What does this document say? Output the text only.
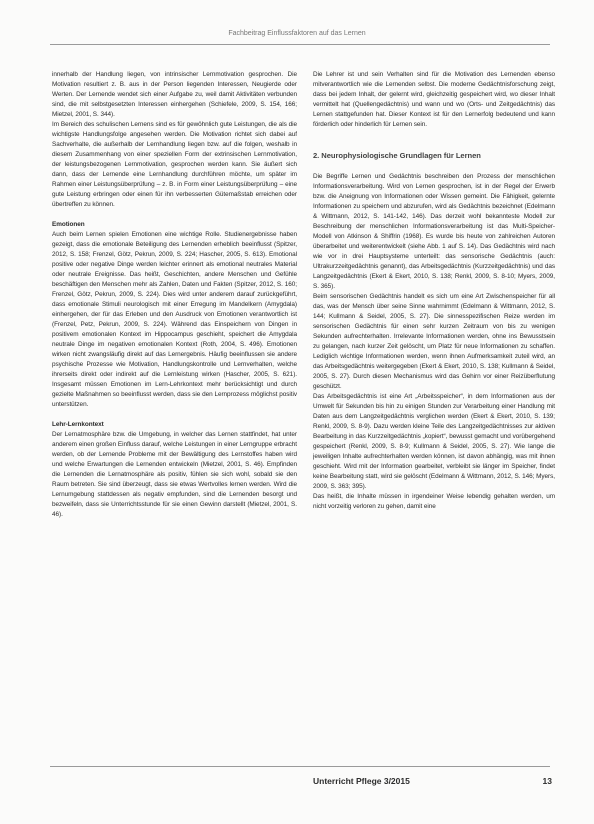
Fachbeitrag Einflussfaktoren auf das Lernen

innerhalb der Handlung liegen, von intrinsischer Lernmotivation gesprochen. Die Motivation resultiert z. B. aus in der Person liegenden Interessen, Neugierde oder Werten. Der Lernende wendet sich einer Aufgabe zu, weil damit Aktivitäten verbunden sind, die mit selbstgesetzten Interessen einhergehen (Schiefele, 2009, S. 154, 166; Mietzel, 2001, S. 344).

Im Bereich des schulischen Lernens sind es für gewöhnlich gute Leistungen, die als die wichtigste Handlungsfolge angesehen werden. Die Motivation richtet sich dabei auf Sachverhalte, die außerhalb der Lernhandlung liegen bzw. auf die folgen, weshalb in diesem Zusammenhang von einer speziellen Form der extrinsischen Lernmotivation, der leistungsbezogenen Lernmotivation, gesprochen werden kann. Sie äußert sich dann, dass der Lernende eine Lernhandlung durchführen möchte, um später im Rahmen einer Leistungsüberprüfung – z. B. in Form einer Leistungsüberprüfung – eine gute Leistung erbringen oder einen für ihn verbesserten Gütemaßstab erreichen oder übertreffen zu können.

Emotionen

Auch beim Lernen spielen Emotionen eine wichtige Rolle. Studienergebnisse haben gezeigt, dass die emotionale Beteiligung des Lernenden erheblich beeinflusst (Spitzer, 2012, S. 158; Frenzel, Götz, Pekrun, 2009, S. 224; Hascher, 2005, S. 613). Emotional positive oder negative Dinge werden leichter erinnert als emotional neutrales Material oder neutrale Ereignisse. Das heißt, Geschichten, andere Menschen und Gefühle beschäftigen den Menschen mehr als Zahlen, Daten und Fakten (Spitzer, 2012, S. 160; Frenzel, Götz, Pekrun, 2009, S. 224). Dies wird unter anderem darauf zurückgeführt, dass emotionale Stimuli neurologisch mit einer Erregung im Mandelkern (Amygdala) einhergehen, der für das Erleben und den Ausdruck von Emotionen verantwortlich ist (Frenzel, Petz, Pekrun, 2009, S. 224). Während das Einspeichern von Dingen in positivem emotionalen Kontext im Hippocampus geschieht, speichert die Amygdala neutrale Dinge im negativen emotionalen Kontext (Roth, 2004, S. 496). Emotionen wirken nicht zwangsläufig direkt auf das Lernergebnis. Häufig beeinflussen sie andere psychische Prozesse wie Motivation, Handlungskontrolle und Lernverhalten, welche ihrerseits direkt oder indirekt auf die Lernleistung wirken (Hascher, 2005, S. 621). Insgesamt müssen Emotionen im Lern-Lehrkontext mehr berücksichtigt und durch gezielte Maßnahmen so beeinflusst werden, dass sie den Lernprozess möglichst positiv unterstützen.

Lehr-Lernkontext

Der Lernatmosphäre bzw. die Umgebung, in welcher das Lernen stattfindet, hat unter anderem einen großen Einfluss darauf, welche Leistungen in einer Lerngruppe erbracht werden, ob der Lernende Probleme mit der Bewältigung des Lernstoffes haben wird und welche Erwartungen die Lernenden entwickeln (Mietzel, 2001, S. 46). Empfinden die Lernenden die Lernatmosphäre als positiv, fühlen sie sich wohl, sobald sie den Raum betreten. Sie sind überzeugt, dass sie etwas Wertvolles lernen werden. Wird die Lernumgebung stattdessen als negativ empfunden, sind die Lernenden besorgt und bezweifeln, dass sie Unterrichtsstunde für sie einen Gewinn darstellt (Mietzel, 2001, S. 46).

Die Lehrer ist und sein Verhalten sind für die Motivation des Lernenden ebenso mitverantwortlich wie die Lernenden selbst. Die moderne Gedächtnisforschung zeigt, dass bei jedem Inhalt, der gelernt wird, gleichzeitig gespeichert wird, wo dieser Inhalt vermittelt hat (Quellengedächtnis) und wann und wo (Orts- und Zeitgedächtnis) das Lernen stattgefunden hat. Dieser Kontext ist für den Lernerfolg bedeutend und kann förderlich oder hinderlich für Lernen sein.

2. Neurophysiologische Grundlagen für Lernen

Die Begriffe Lernen und Gedächtnis beschreiben den Prozess der menschlichen Informationsverarbeitung. Wird von Lernen gesprochen, ist in der Regel der Erwerb bzw. die Aneignung von Informationen oder Wissen gemeint. Die Fähigkeit, gelernte Informationen zu speichern und abzurufen, wird als Gedächtnis bezeichnet (Edelmann & Wittmann, 2012, S. 141-142, 146). Das derzeit wohl bekannteste Modell zur Beschreibung der menschlichen Informationsverarbeitung ist das Multi-Speicher-Modell von Atkinson & Shiffrin (1968). Es wurde bis heute von zahlreichen Autoren überarbeitet und weiterentwickelt (siehe Abb. 1 auf S. 14). Das Gedächtnis wird nach wie vor in drei Hauptsysteme unterteilt: das sensorische Gedächtnis (auch: Ultrakurzzeitgedächtnis genannt), das Arbeitsgedächtnis (Kurzzeitgedächtnis) und das Langzeitgedächtnis (Ekert & Ekert, 2010, S. 138; Renkl, 2009, S. 8-10; Myers, 2009, S. 365).

Beim sensorischen Gedächtnis handelt es sich um eine Art Zwischenspeicher für all das, was der Mensch über seine Sinne wahrnimmt (Edelmann & Wittmann, 2012, S. 144; Kullmann & Seidel, 2005, S. 27). Die sinnesspezifischen Reize werden im sensorischen Gedächtnis für einen sehr kurzen Zeitraum von bis zu wenigen Sekunden aufrechterhalten. Irrelevante Informationen werden, ohne ins Bewusstsein zu gelangen, nach kurzer Zeit gelöscht, um Platz für neue Informationen zu schaffen. Lediglich wichtige Informationen werden, wenn ihnen Aufmerksamkeit zuteil wird, an das Arbeitsgedächtnis weitergegeben (Ekert & Ekert, 2010, S. 138; Kullmann & Seidel, 2005, S. 27). Durch diesen Mechanismus wird das Gehirn vor einer Reizüberflutung geschützt.

Das Arbeitsgedächtnis ist eine Art „Arbeitsspeicher“, in dem Informationen aus der Umwelt für Sekunden bis hin zu einigen Stunden zur Verarbeitung einer Handlung mit Daten aus dem Langzeitgedächtnis verglichen werden (Ekert & Ekert, 2010, S. 139; Renkl, 2009, S. 8-9). Dazu werden kleine Teile des Langzeitgedächtnisses zur aktiven Bearbeitung in das Kurzzeitgedächtnis „kopiert“, bewusst gemacht und vorübergehend gespeichert (Renkl, 2009, S. 8-9; Kullmann & Seidel, 2005, S. 27). Wie lange die jeweiligen Inhalte aufrechterhalten werden können, ist davon abhängig, was mit ihnen geschieht. Wird mit der Information gearbeitet, verbleibt sie länger im Speicher, findet keine Bearbeitung statt, wird sie gelöscht (Edelmann & Wittmann, 2012, S. 146; Myers, 2009, S. 363; 395).

Das heißt, die Inhalte müssen in irgendeiner Weise lebendig gehalten werden, um nicht vorzeitig verloren zu gehen, damit eine

Unterricht Pflege 3/2015	13
